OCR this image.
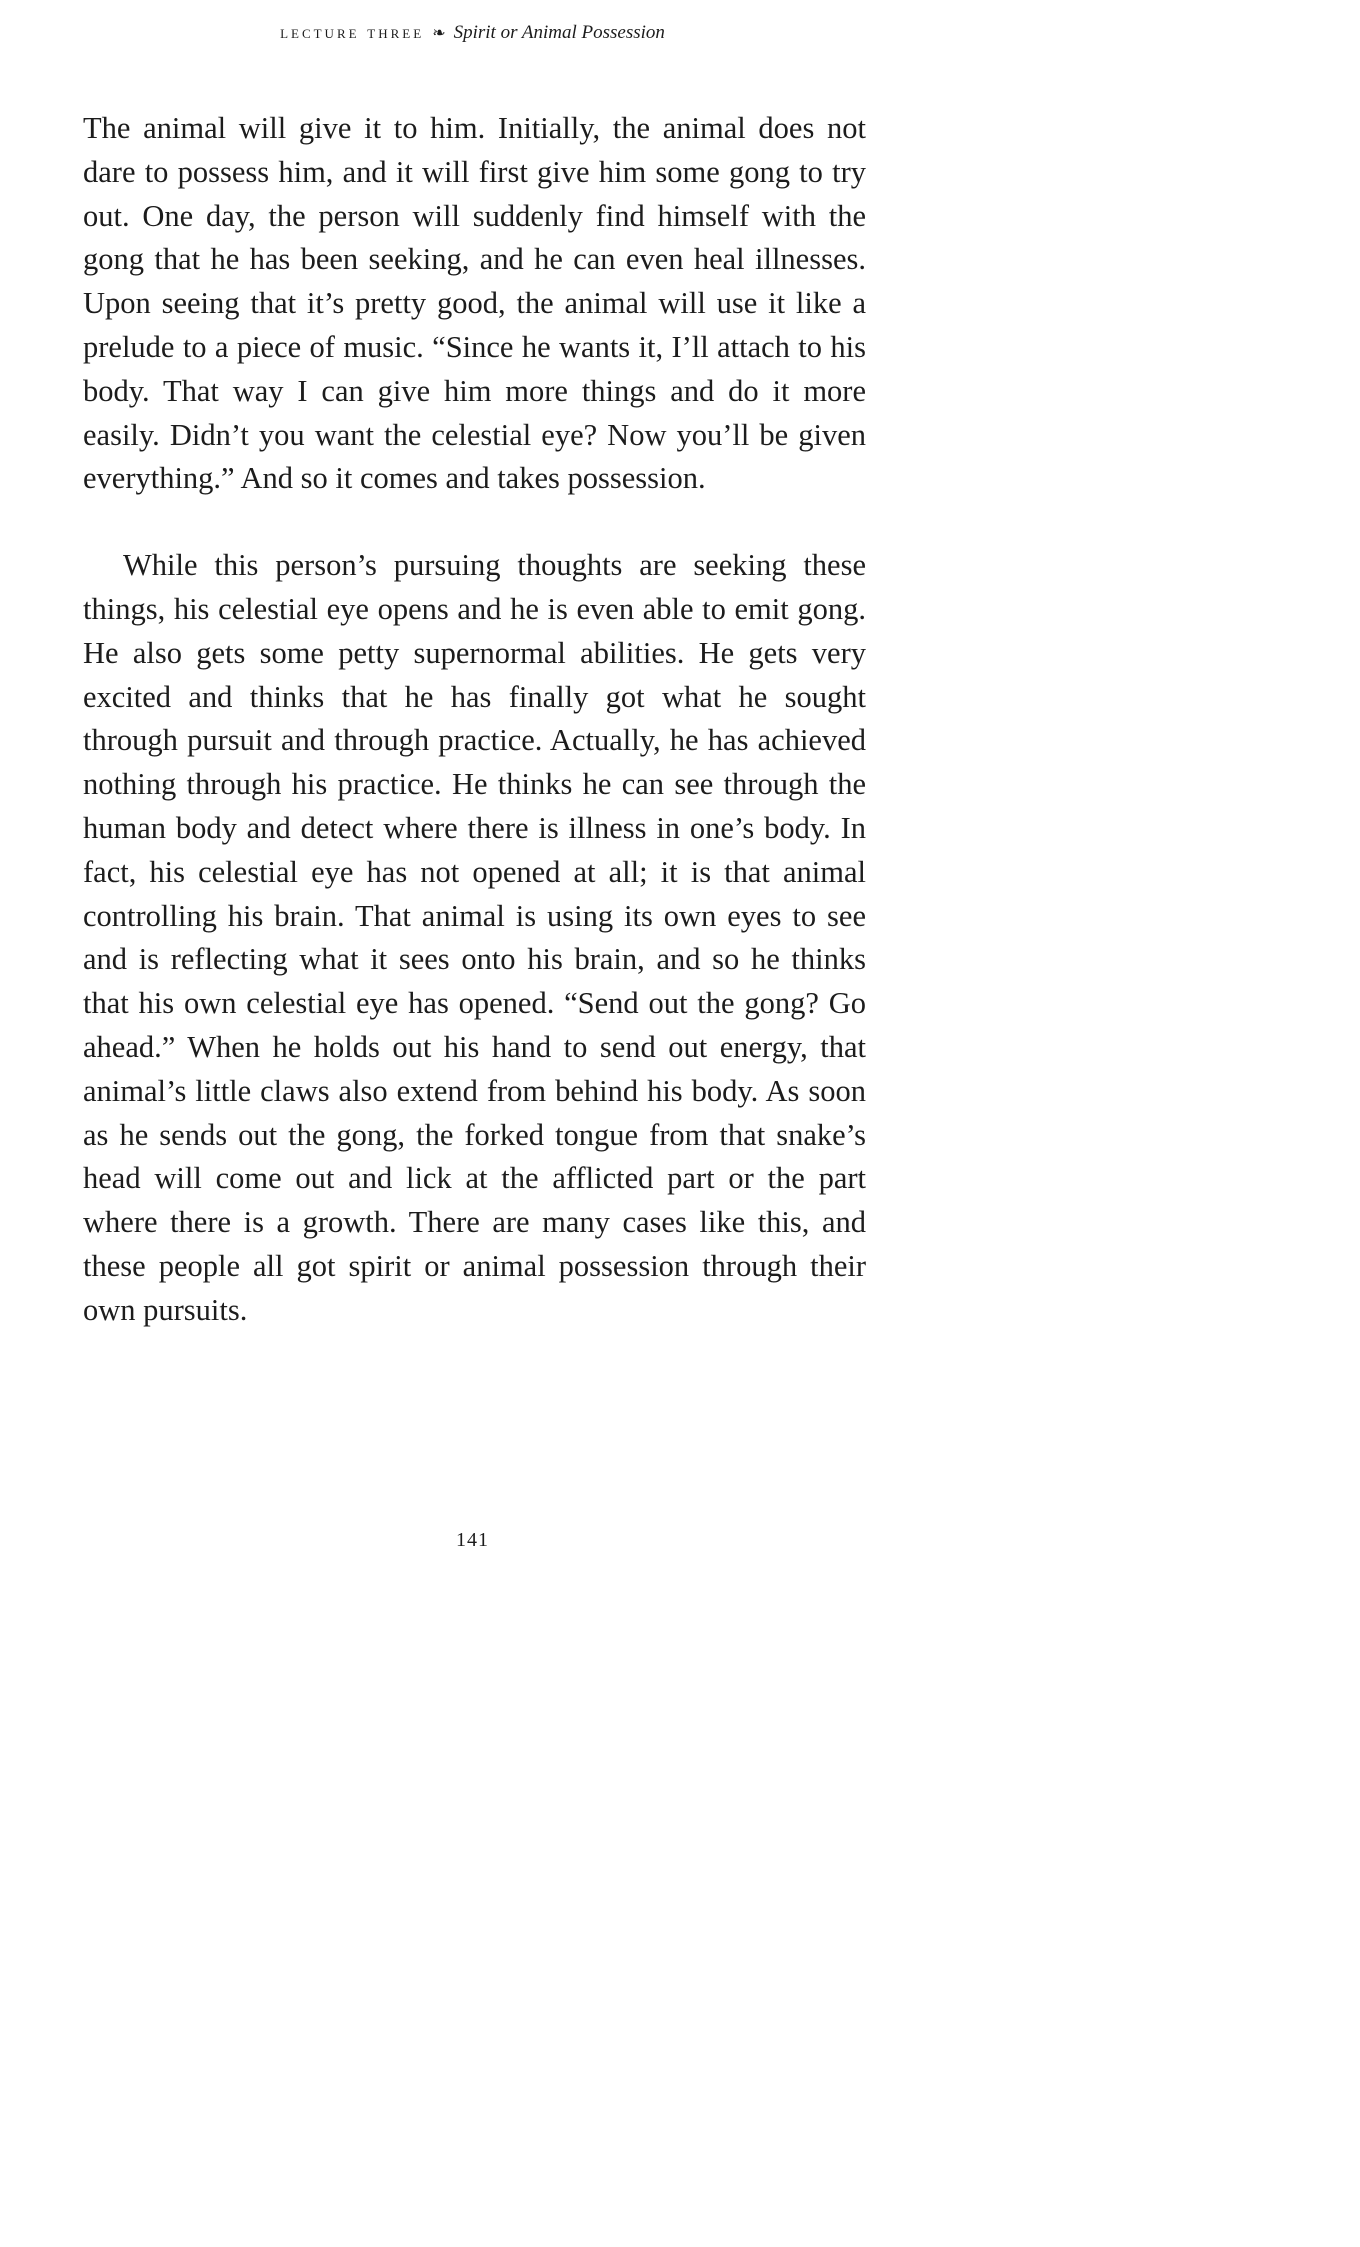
lecture three ❧ Spirit or Animal Possession

The animal will give it to him. Initially, the animal does not dare to possess him, and it will first give him some gong to try out. One day, the person will suddenly find himself with the gong that he has been seeking, and he can even heal illnesses. Upon seeing that it’s pretty good, the animal will use it like a prelude to a piece of music. “Since he wants it, I’ll attach to his body. That way I can give him more things and do it more easily. Didn’t you want the celestial eye? Now you’ll be given everything.” And so it comes and takes possession.

While this person’s pursuing thoughts are seeking these things, his celestial eye opens and he is even able to emit gong. He also gets some petty supernormal abilities. He gets very excited and thinks that he has finally got what he sought through pursuit and through practice. Actually, he has achieved nothing through his practice. He thinks he can see through the human body and detect where there is illness in one’s body. In fact, his celestial eye has not opened at all; it is that animal controlling his brain. That animal is using its own eyes to see and is reflecting what it sees onto his brain, and so he thinks that his own celestial eye has opened. “Send out the gong? Go ahead.” When he holds out his hand to send out energy, that animal’s little claws also extend from behind his body. As soon as he sends out the gong, the forked tongue from that snake’s head will come out and lick at the afflicted part or the part where there is a growth. There are many cases like this, and these people all got spirit or animal possession through their own pursuits.

141
